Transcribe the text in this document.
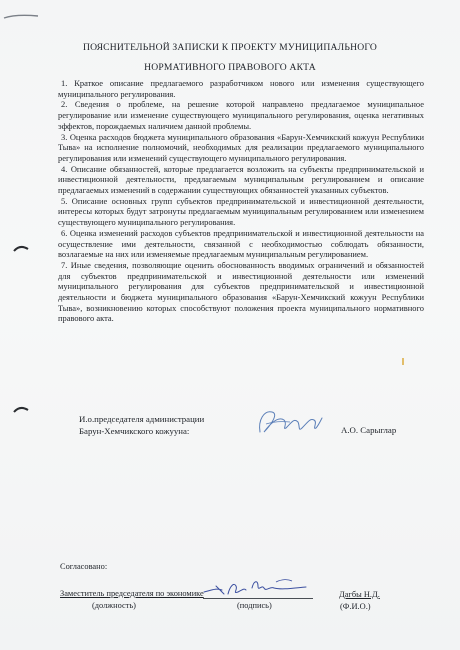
ПОЯСНИТЕЛЬНОЙ ЗАПИСКИ К ПРОЕКТУ МУНИЦИПАЛЬНОГО

НОРМАТИВНОГО ПРАВОВОГО АКТА

1. Краткое описание предлагаемого разработчиком нового или изменения существующего муниципального регулирования.

2. Сведения о проблеме, на решение которой направлено предлагаемое муниципальное регулирование или изменение существующего муниципального регулирования, оценка негативных эффектов, порождаемых наличием данной проблемы.

3. Оценка расходов бюджета муниципального образования «Барун-Хемчикский кожуун Республики Тыва» на исполнение полномочий, необходимых для реализации предлагаемого муниципального регулирования или изменений существующего муниципального регулирования.

4. Описание обязанностей, которые предлагается возложить на субъекты предпринимательской и инвестиционной деятельности, предлагаемым муниципальным регулированием и описание предлагаемых изменений в содержании существующих обязанностей указанных субъектов.

5. Описание основных групп субъектов предпринимательской и инвестиционной деятельности, интересы которых будут затронуты предлагаемым муниципальным регулированием или изменением существующего муниципального регулирования.

6. Оценка изменений расходов субъектов предпринимательской и инвестиционной деятельности на осуществление ими деятельности, связанной с необходимостью соблюдать обязанности, возлагаемые на них или изменяемые предлагаемым муниципальным регулированием.

7. Иные сведения, позволяющие оценить обоснованность вводимых ограничений и обязанностей для субъектов предпринимательской и инвестиционной деятельности или изменений муниципального регулирования для субъектов предпринимательской и инвестиционной деятельности и бюджета муниципального образования «Барун-Хемчикский кожуун Республики Тыва», возникновению которых способствуют положения проекта муниципального нормативного правового акта.

И.о.председателя администрации
Барун-Хемчикского кожууна:	А.О. Сарыглар
Согласовано:
Заместитель председателя по экономике
(должность)	(подпись)
Дагбы Н.Д.
(Ф.И.О.)
